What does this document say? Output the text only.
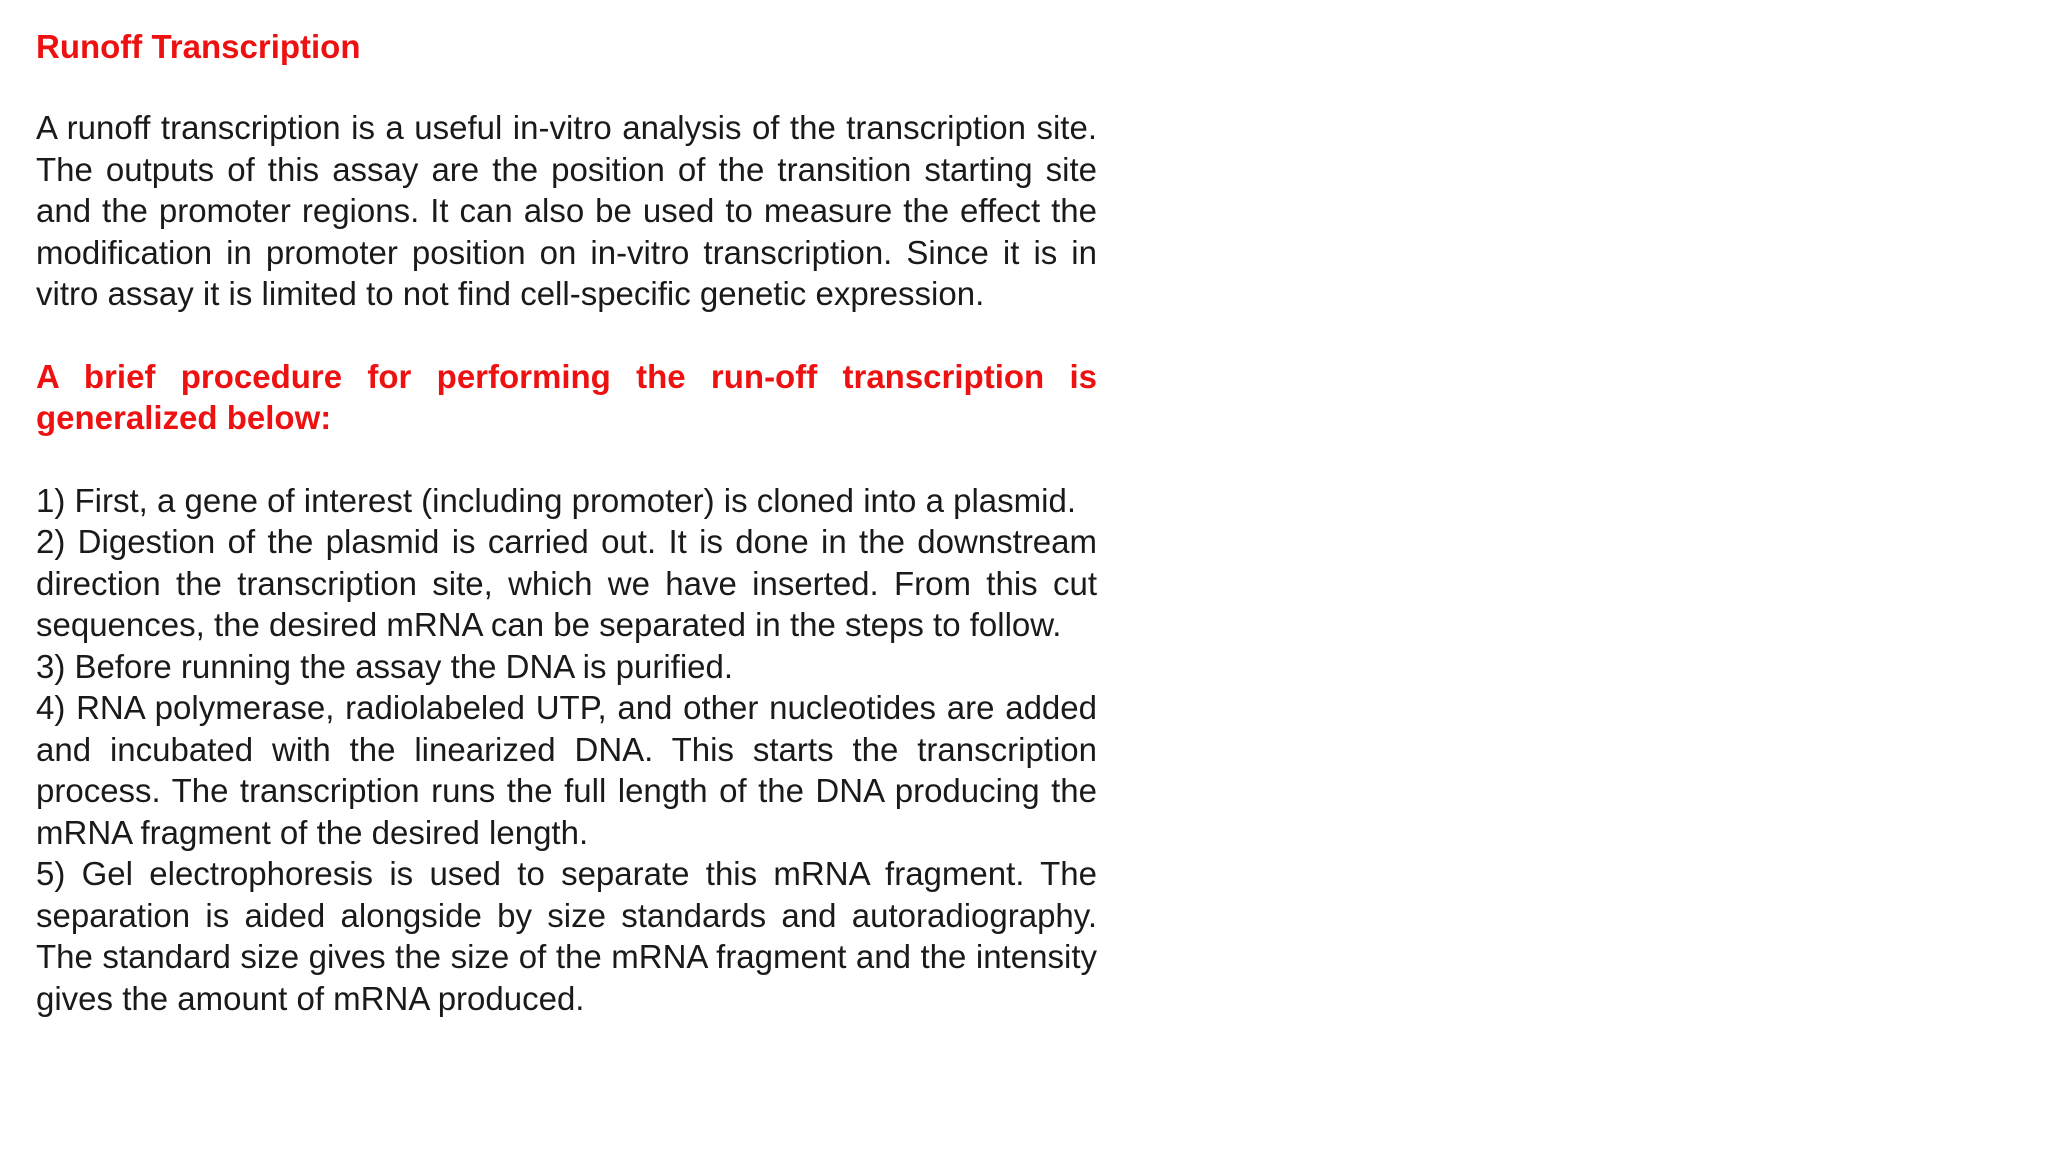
Runoff Transcription

A runoff transcription is a useful in-vitro analysis of the transcription site. The outputs of this assay are the position of the transition starting site and the promoter regions. It can also be used to measure the effect the modification in promoter position on in-vitro transcription. Since it is in vitro assay it is limited to not find cell-specific genetic expression.

A brief procedure for performing the run-off transcription is generalized below:

1) First, a gene of interest (including promoter) is cloned into a plasmid.
2) Digestion of the plasmid is carried out. It is done in the downstream direction the transcription site, which we have inserted. From this cut sequences, the desired mRNA can be separated in the steps to follow.
3) Before running the assay the DNA is purified.
4) RNA polymerase, radiolabeled UTP, and other nucleotides are added and incubated with the linearized DNA. This starts the transcription process. The transcription runs the full length of the DNA producing the mRNA fragment of the desired length.
5) Gel electrophoresis is used to separate this mRNA fragment. The separation is aided alongside by size standards and autoradiography. The standard size gives the size of the mRNA fragment and the intensity gives the amount of mRNA produced.
